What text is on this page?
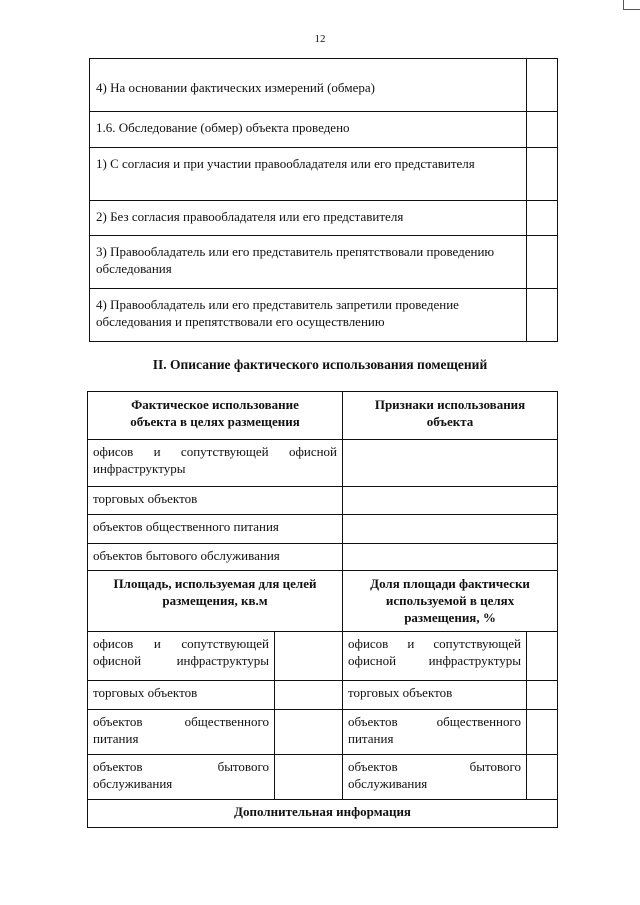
12
4) На основании фактических измерений (обмера)	
1.6. Обследование (обмер) объекта проведено	
1) С согласия и при участии правообладателя или его представителя	
2) Без согласия правообладателя или его представителя	
3) Правообладатель или его представитель препятствовали проведению обследования	
4) Правообладатель или его представитель запретили проведение обследования и препятствовали его осуществлению	
II. Описание фактического использования помещений
Фактическое использование объекта в целях размещения		Признаки использования объекта	
офисов и сопутствующей офисной инфраструктуры			
торговых объектов			
объектов общественного питания			
объектов бытового обслуживания			
Площадь, используемая для целей размещения, кв.м		Доля площади фактически используемой в целях размещения, %	
офисов и сопутствующей офисной инфраструктуры		офисов и сопутствующей офисной инфраструктуры	
торговых объектов		торговых объектов	
объектов общественного питания		объектов общественного питания	
объектов бытового обслуживания		объектов бытового обслуживания	
Дополнительная информация			
